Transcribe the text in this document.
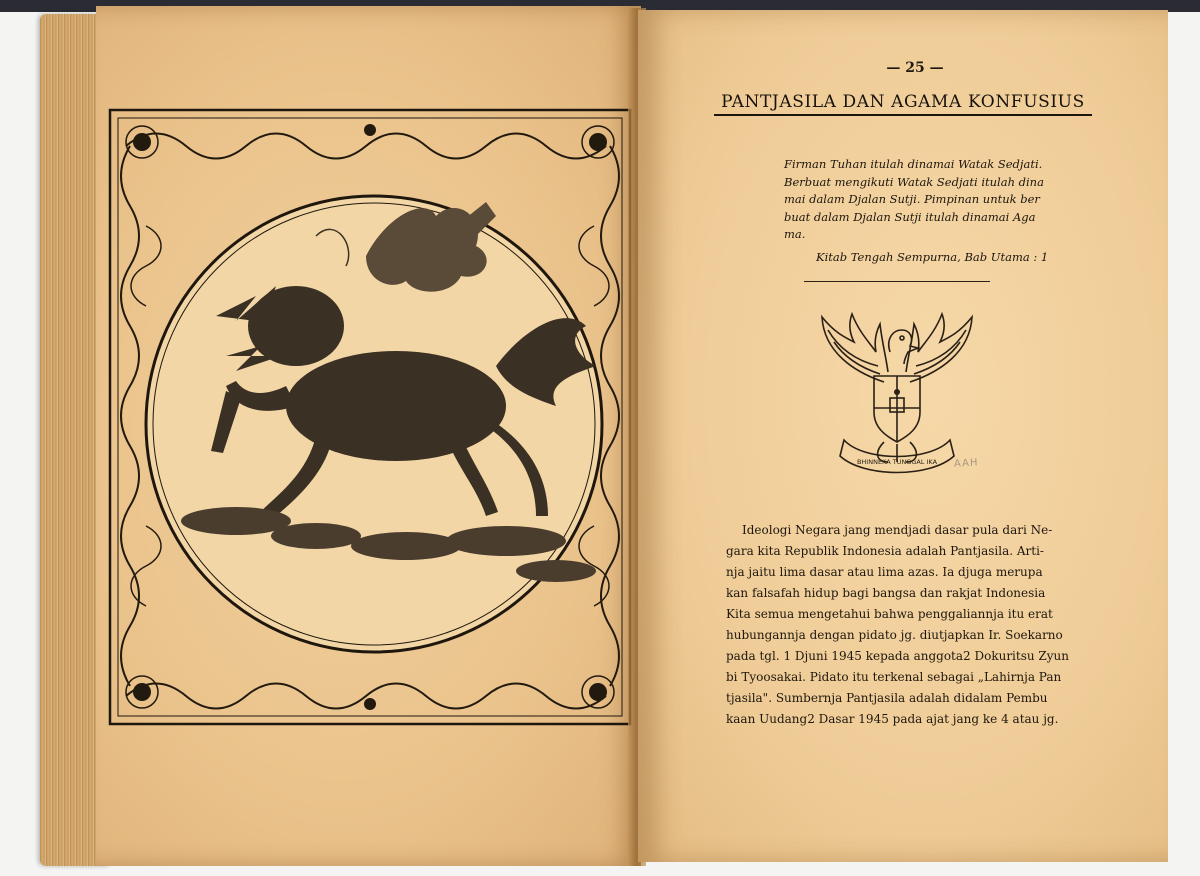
— 25 —
PANTJASILA DAN AGAMA KONFUSIUS
Firman Tuhan itulah dinamai Watak Sedjati.
Berbuat mengikuti Watak Sedjati itulah dina
mai dalam Djalan Sutji. Pimpinan untuk ber
buat dalam Djalan Sutji itulah dinamai Aga
ma.
Kitab Tengah Sempurna, Bab Utama : 1
BHINNEKA TUNGGAL IKA AAH
Ideologi Negara jang mendjadi dasar pula dari Ne-
gara kita Republik Indonesia adalah Pantjasila. Arti-
nja jaitu lima dasar atau lima azas. Ia djuga merupa
kan falsafah hidup bagi bangsa dan rakjat Indonesia
Kita semua mengetahui bahwa penggaliannja itu erat
hubungannja dengan pidato jg. diutjapkan Ir. Soekarno
pada tgl. 1 Djuni 1945 kepada anggota2 Dokuritsu Zyun
bi Tyoosakai. Pidato itu terkenal sebagai „Lahirnja Pan
tjasila". Sumbernja Pantjasila adalah didalam Pembu
kaan Uudang2 Dasar 1945 pada ajat jang ke 4 atau jg.
